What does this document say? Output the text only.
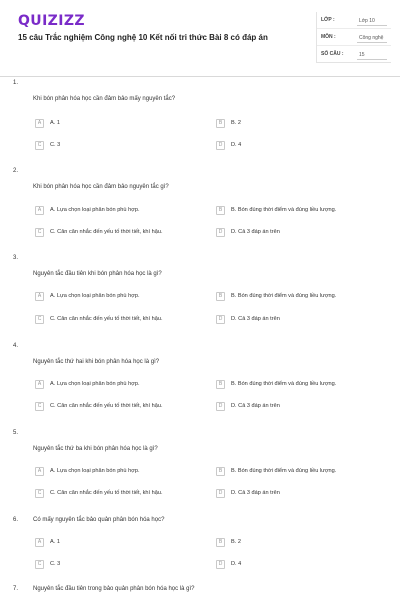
QUIZIZZ
15 câu Trắc nghiệm Công nghệ 10 Kết nối tri thức Bài 8 có đáp án
LỚP :	Lớp 10
MÔN :	Công nghệ
SỐ CÂU :	15
1.
Khi bón phân hóa học cần đảm bảo mấy nguyên tắc?
A	A. 1	B	B. 2
C	C. 3	D	D. 4
2.
Khi bón phân hóa học cần đảm bảo nguyên tắc gì?
A	A. Lựa chọn loại phân bón phù hợp.	B	B. Bón đúng thời điểm và đúng liều lượng.
C	C. Cân căn nhắc đến yếu tố thời tiết, khí hậu.	D	D. Cả 3 đáp án trên
3.
Nguyên tắc đầu tiên khi bón phân hóa học là gì?
A	A. Lựa chọn loại phân bón phù hợp.	B	B. Bón đúng thời điểm và đúng liều lượng.
C	C. Cân căn nhắc đến yếu tố thời tiết, khí hậu.	D	D. Cả 3 đáp án trên
4.
Nguyên tắc thứ hai khi bón phân hóa học là gì?
A	A. Lựa chọn loại phân bón phù hợp.	B	B. Bón đúng thời điểm và đúng liều lượng.
C	C. Cân căn nhắc đến yếu tố thời tiết, khí hậu.	D	D. Cả 3 đáp án trên
5.
Nguyên tắc thứ ba khi bón phân hóa học là gì?
A	A. Lựa chọn loại phân bón phù hợp.	B	B. Bón đúng thời điểm và đúng liều lượng.
C	C. Cân căn nhắc đến yếu tố thời tiết, khí hậu.	D	D. Cả 3 đáp án trên
6. Có mấy nguyên tắc bảo quản phân bón hóa học?
A	A. 1	B	B. 2
C	C. 3	D	D. 4
7. Nguyên tắc đầu tiên trong bảo quản phân bón hóa học là gì?
